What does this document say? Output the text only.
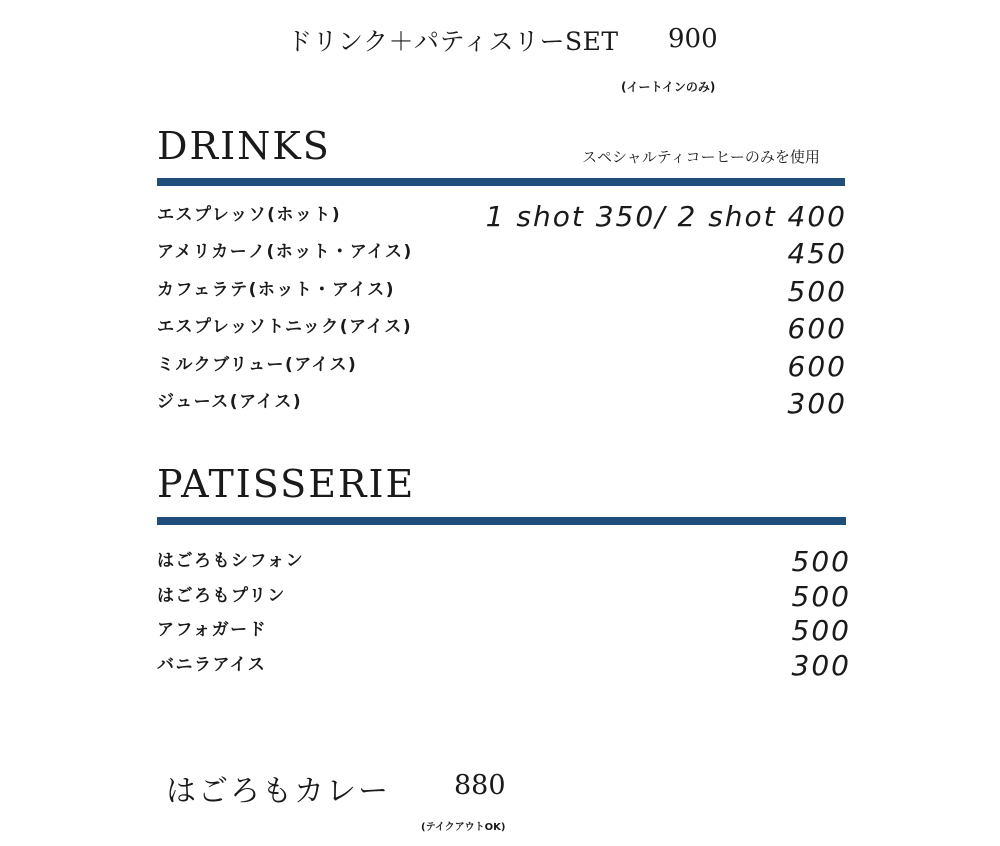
ドリンク＋パティスリーSET 900
(イートインのみ)
DRINKS	スペシャルティコーヒーのみを使用
エスプレッソ(ホット)	1 shot 350/ 2 shot 400
アメリカーノ(ホット・アイス)	450
カフェラテ(ホット・アイス)	500
エスプレッソトニック(アイス)	600
ミルクブリュー(アイス)	600
ジュース(アイス)	300
PATISSERIE
はごろもシフォン	500
はごろもプリン	500
アフォガード	500
バニラアイス	300
はごろもカレー 880
(テイクアウトOK)
